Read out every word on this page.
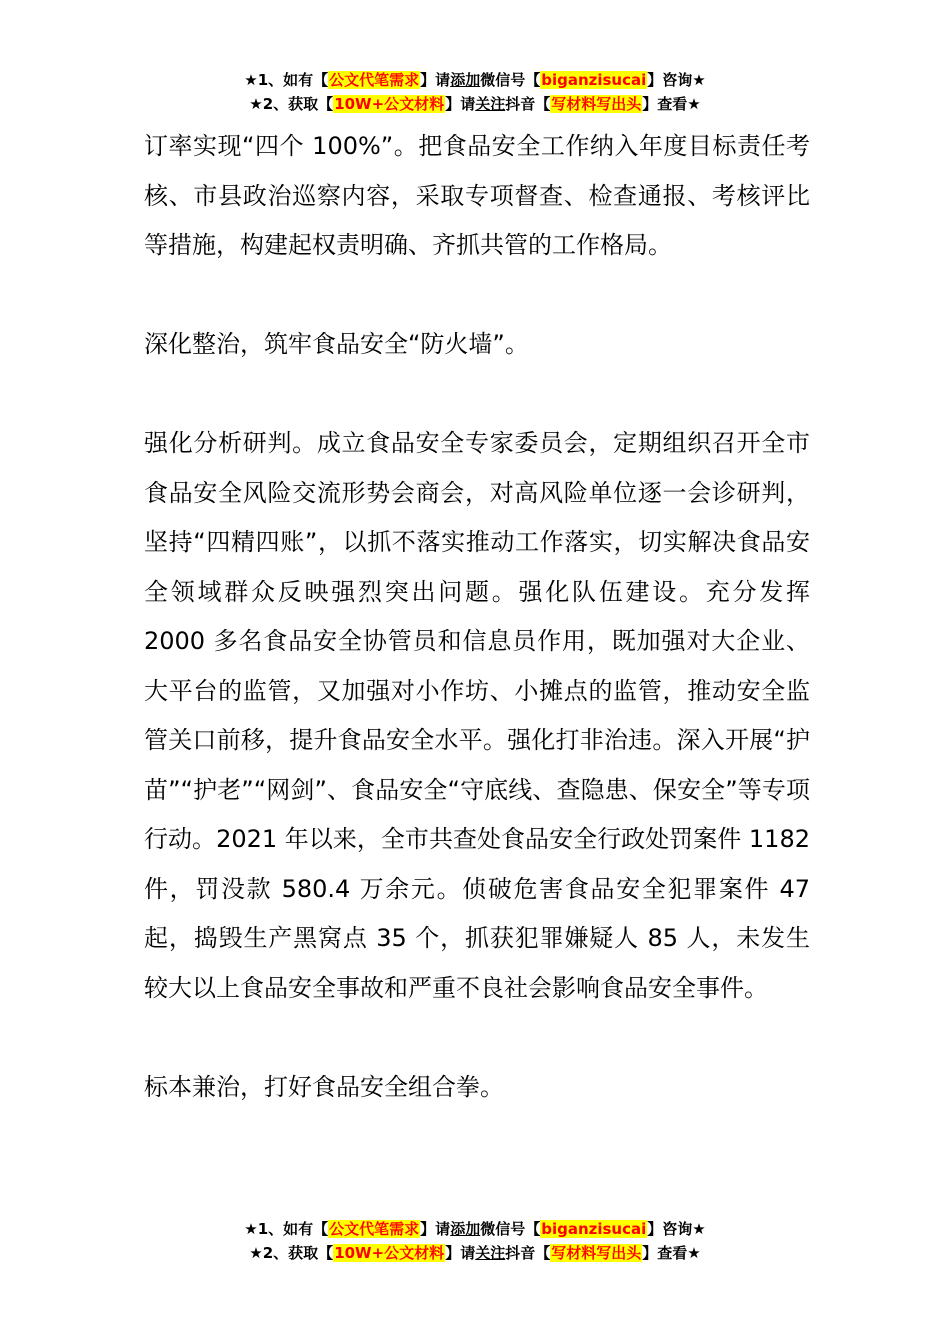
★1、如有【公文代笔需求】请添加微信号【biganzisucai】咨询★
★2、获取【10W+公文材料】请关注抖音【写材料写出头】查看★

订率实现“四个 100%”。把食品安全工作纳入年度目标责任考核、市县政治巡察内容，采取专项督查、检查通报、考核评比等措施，构建起权责明确、齐抓共管的工作格局。

深化整治，筑牢食品安全“防火墙”。

强化分析研判。成立食品安全专家委员会，定期组织召开全市食品安全风险交流形势会商会，对高风险单位逐一会诊研判，坚持“四精四账”，以抓不落实推动工作落实，切实解决食品安全领域群众反映强烈突出问题。强化队伍建设。充分发挥 2000 多名食品安全协管员和信息员作用，既加强对大企业、大平台的监管，又加强对小作坊、小摊点的监管，推动安全监管关口前移，提升食品安全水平。强化打非治违。深入开展“护苗”“护老”“网剑”、食品安全“守底线、查隐患、保安全”等专项行动。2021 年以来，全市共查处食品安全行政处罚案件 1182 件，罚没款 580.4 万余元。侦破危害食品安全犯罪案件 47 起，捣毁生产黑窝点 35 个，抓获犯罪嫌疑人 85 人，未发生较大以上食品安全事故和严重不良社会影响食品安全事件。

标本兼治，打好食品安全组合拳。

★1、如有【公文代笔需求】请添加微信号【biganzisucai】咨询★
★2、获取【10W+公文材料】请关注抖音【写材料写出头】查看★
